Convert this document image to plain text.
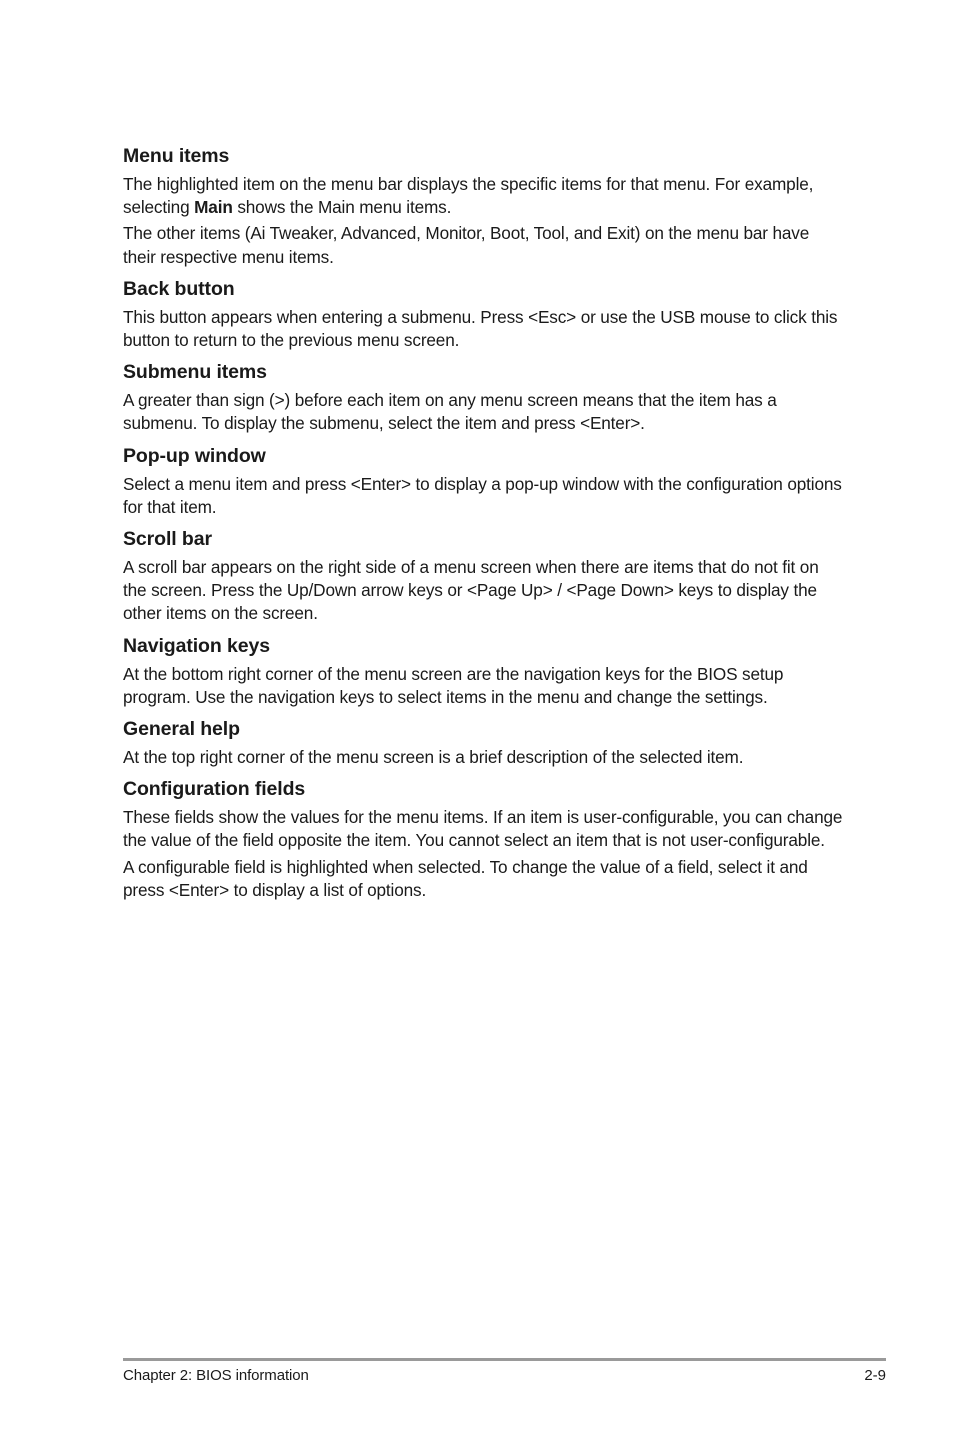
Menu items

The highlighted item on the menu bar displays the specific items for that menu. For example, selecting Main shows the Main menu items.

The other items (Ai Tweaker, Advanced, Monitor, Boot, Tool, and Exit) on the menu bar have their respective menu items.

Back button

This button appears when entering a submenu. Press <Esc> or use the USB mouse to click this button to return to the previous menu screen.

Submenu items

A greater than sign (>) before each item on any menu screen means that the item has a submenu. To display the submenu, select the item and press <Enter>.

Pop-up window

Select a menu item and press <Enter> to display a pop-up window with the configuration options for that item.

Scroll bar

A scroll bar appears on the right side of a menu screen when there are items that do not fit on the screen. Press the Up/Down arrow keys or <Page Up> / <Page Down> keys to display the other items on the screen.

Navigation keys

At the bottom right corner of the menu screen are the navigation keys for the BIOS setup program. Use the navigation keys to select items in the menu and change the settings.

General help

At the top right corner of the menu screen is a brief description of the selected item.

Configuration fields

These fields show the values for the menu items. If an item is user-configurable, you can change the value of the field opposite the item. You cannot select an item that is not user-configurable.

A configurable field is highlighted when selected. To change the value of a field, select it and press <Enter> to display a list of options.

Chapter 2: BIOS information	2-9
